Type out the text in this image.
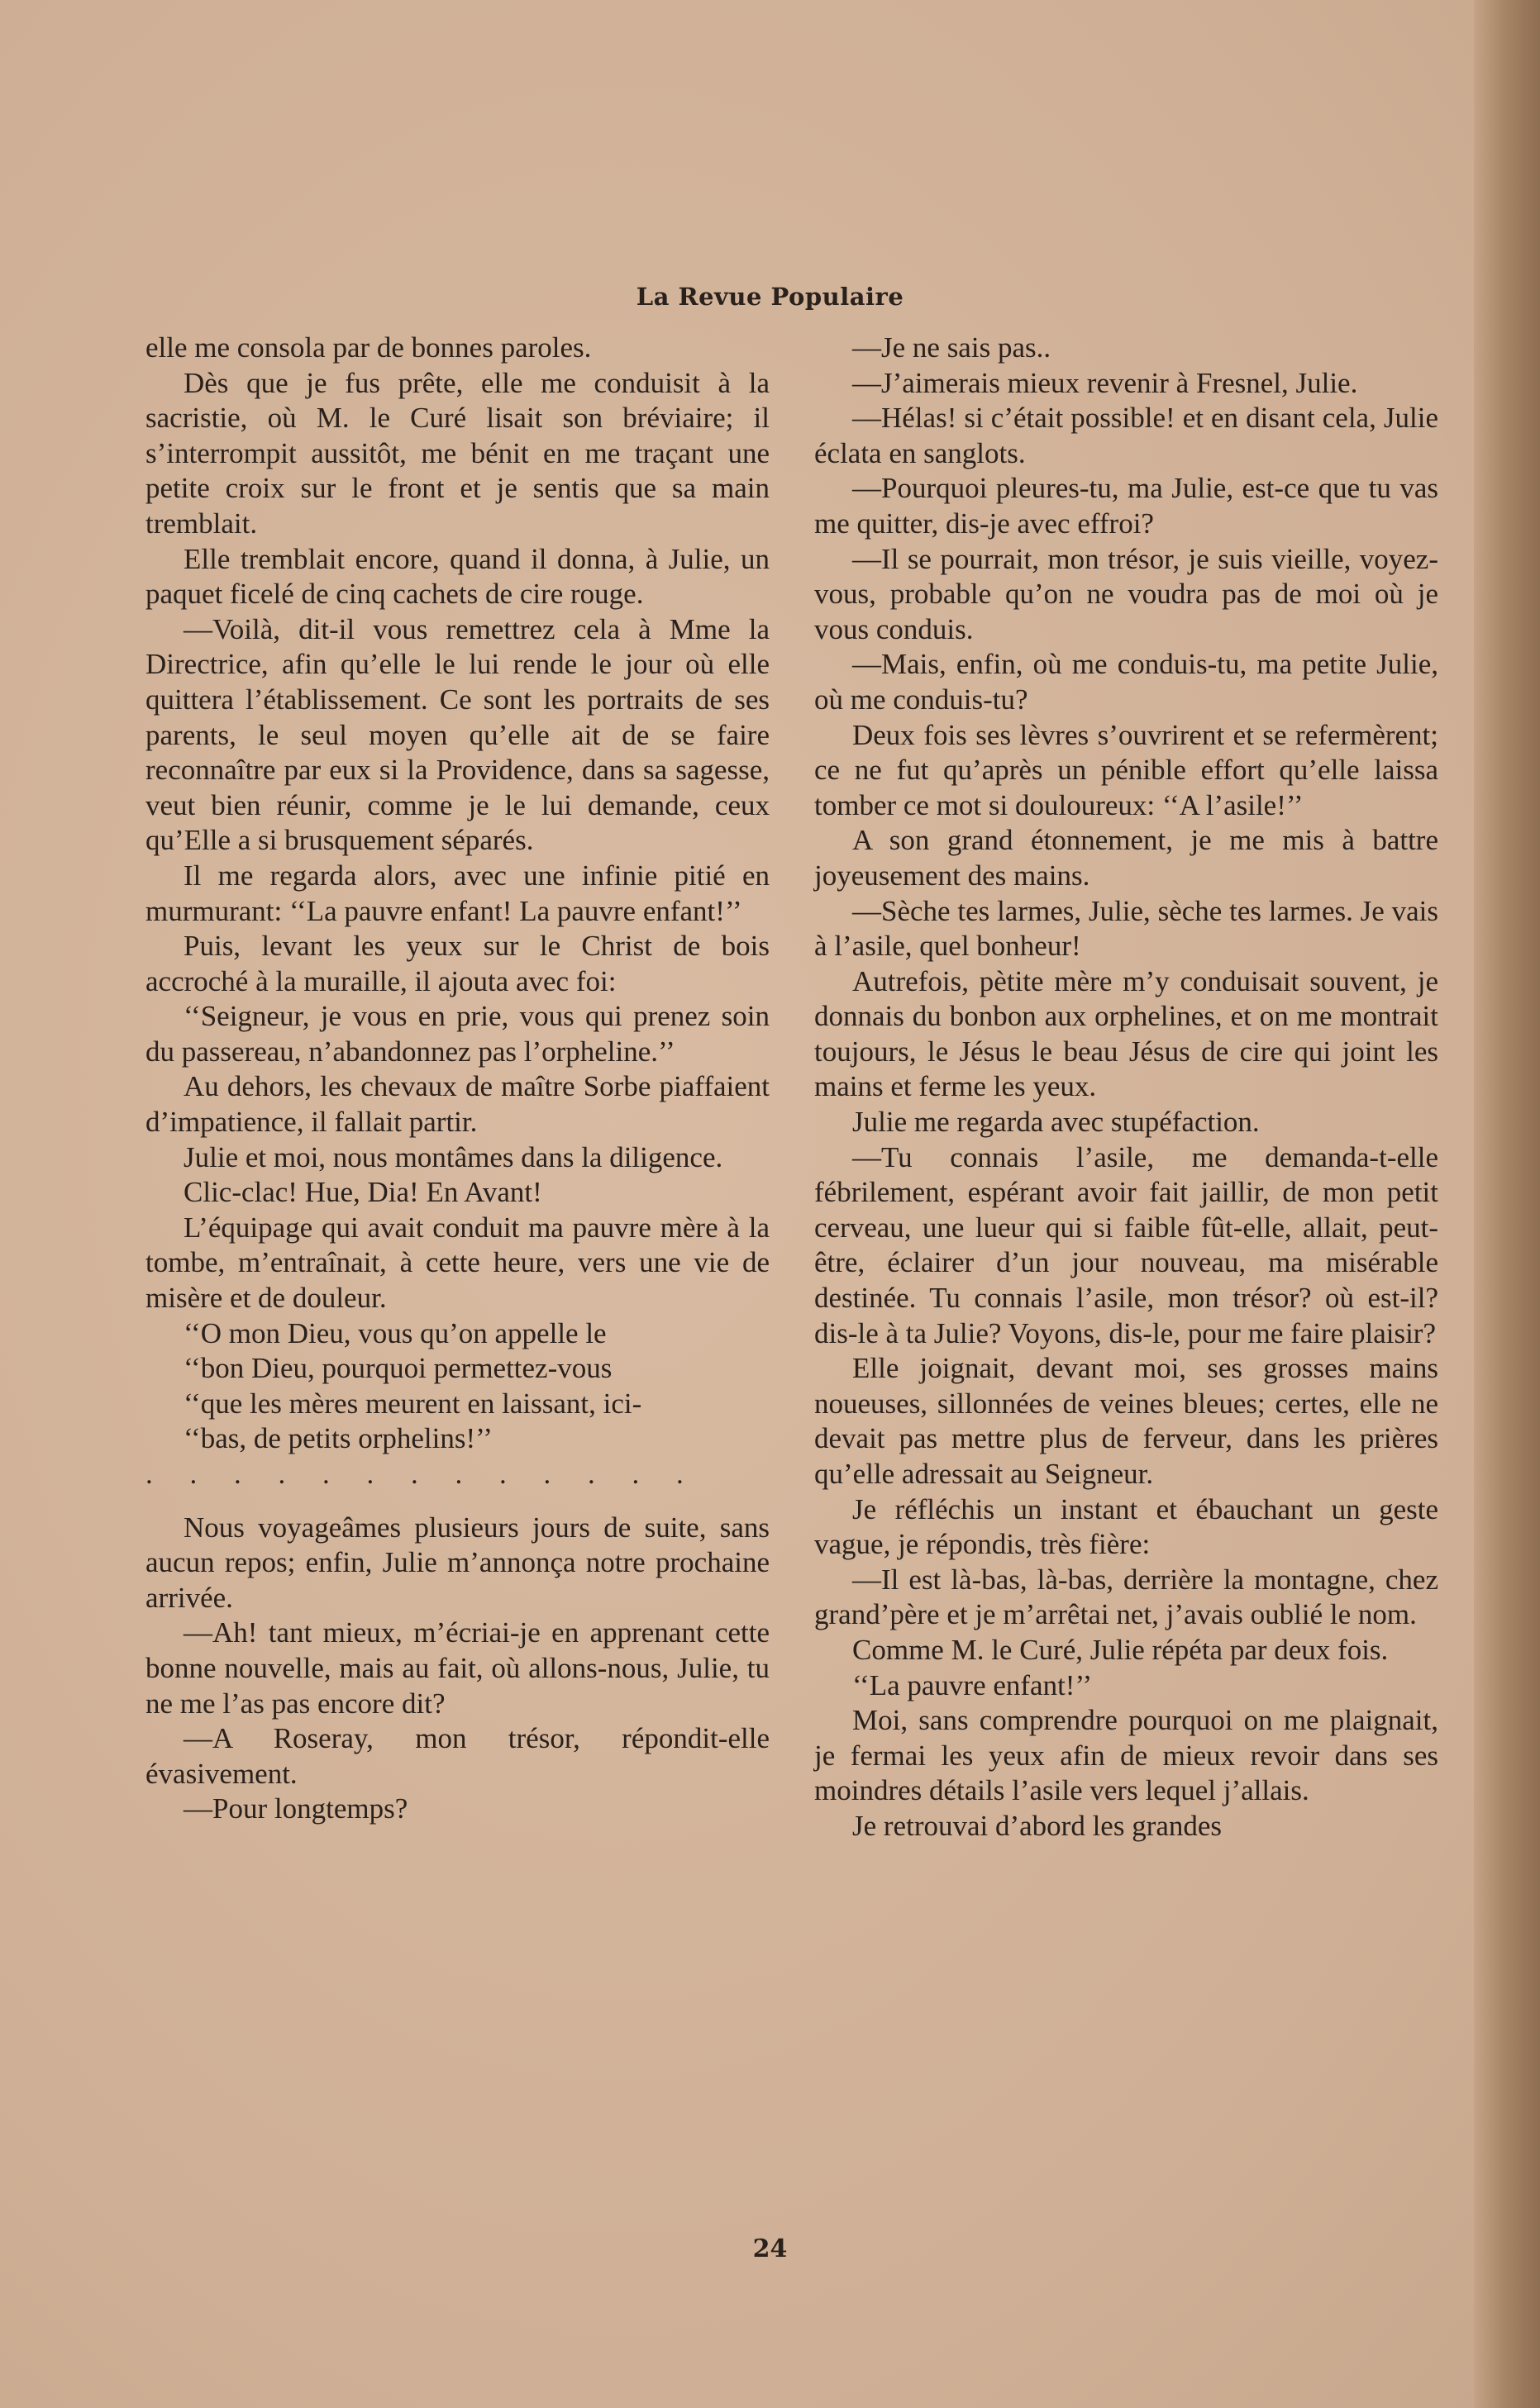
La Revue Populaire

elle me consola par de bonnes paroles.

Dès que je fus prête, elle me conduisit à la sacristie, où M. le Curé lisait son bréviaire; il s’interrompit aussitôt, me bénit en me traçant une petite croix sur le front et je sentis que sa main tremblait.

Elle tremblait encore, quand il donna, à Julie, un paquet ficelé de cinq cachets de cire rouge.

—Voilà, dit-il vous remettrez cela à Mme la Directrice, afin qu’elle le lui rende le jour où elle quittera l’établissement. Ce sont les portraits de ses parents, le seul moyen qu’elle ait de se faire reconnaître par eux si la Providence, dans sa sagesse, veut bien réunir, comme je le lui demande, ceux qu’Elle a si brusquement séparés.

Il me regarda alors, avec une infinie pitié en murmurant: ‘‘La pauvre enfant! La pauvre enfant!’’

Puis, levant les yeux sur le Christ de bois accroché à la muraille, il ajouta avec foi:

‘‘Seigneur, je vous en prie, vous qui prenez soin du passereau, n’abandonnez pas l’orpheline.’’

Au dehors, les chevaux de maître Sorbe piaffaient d’impatience, il fallait partir.

Julie et moi, nous montâmes dans la diligence.

Clic-clac! Hue, Dia! En Avant!

L’équipage qui avait conduit ma pauvre mère à la tombe, m’entraînait, à cette heure, vers une vie de misère et de douleur.

‘‘O mon Dieu, vous qu’on appelle le

‘‘bon Dieu, pourquoi permettez-vous

‘‘que les mères meurent en laissant, ici-

‘‘bas, de petits orphelins!’’

. . . . . . . . . . . . .

Nous voyageâmes plusieurs jours de suite, sans aucun repos; enfin, Julie m’annonça notre prochaine arrivée.

—Ah! tant mieux, m’écriai-je en apprenant cette bonne nouvelle, mais au fait, où allons-nous, Julie, tu ne me l’as pas encore dit?

—A Roseray, mon trésor, répondit-elle évasivement.

—Pour longtemps?

—Je ne sais pas..

—J’aimerais mieux revenir à Fresnel, Julie.

—Hélas! si c’était possible! et en disant cela, Julie éclata en sanglots.

—Pourquoi pleures-tu, ma Julie, est-ce que tu vas me quitter, dis-je avec effroi?

—Il se pourrait, mon trésor, je suis vieille, voyez-vous, probable qu’on ne voudra pas de moi où je vous conduis.

—Mais, enfin, où me conduis-tu, ma petite Julie, où me conduis-tu?

Deux fois ses lèvres s’ouvrirent et se refermèrent; ce ne fut qu’après un pénible effort qu’elle laissa tomber ce mot si douloureux: ‘‘A l’asile!’’

A son grand étonnement, je me mis à battre joyeusement des mains.

—Sèche tes larmes, Julie, sèche tes larmes. Je vais à l’asile, quel bonheur!

Autrefois, pètite mère m’y conduisait souvent, je donnais du bonbon aux orphelines, et on me montrait toujours, le Jésus le beau Jésus de cire qui joint les mains et ferme les yeux.

Julie me regarda avec stupéfaction.

—Tu connais l’asile, me demanda-t-elle fébrilement, espérant avoir fait jaillir, de mon petit cerveau, une lueur qui si faible fût-elle, allait, peut-être, éclairer d’un jour nouveau, ma misérable destinée. Tu connais l’asile, mon trésor? où est-il? dis-le à ta Julie? Voyons, dis-le, pour me faire plaisir?

Elle joignait, devant moi, ses grosses mains noueuses, sillonnées de veines bleues; certes, elle ne devait pas mettre plus de ferveur, dans les prières qu’elle adressait au Seigneur.

Je réfléchis un instant et ébauchant un geste vague, je répondis, très fière:

—Il est là-bas, là-bas, derrière la montagne, chez grand’père et je m’arrêtai net, j’avais oublié le nom.

Comme M. le Curé, Julie répéta par deux fois.

‘‘La pauvre enfant!’’

Moi, sans comprendre pourquoi on me plaignait, je fermai les yeux afin de mieux revoir dans ses moindres détails l’asile vers lequel j’allais.

Je retrouvai d’abord les grandes

24
